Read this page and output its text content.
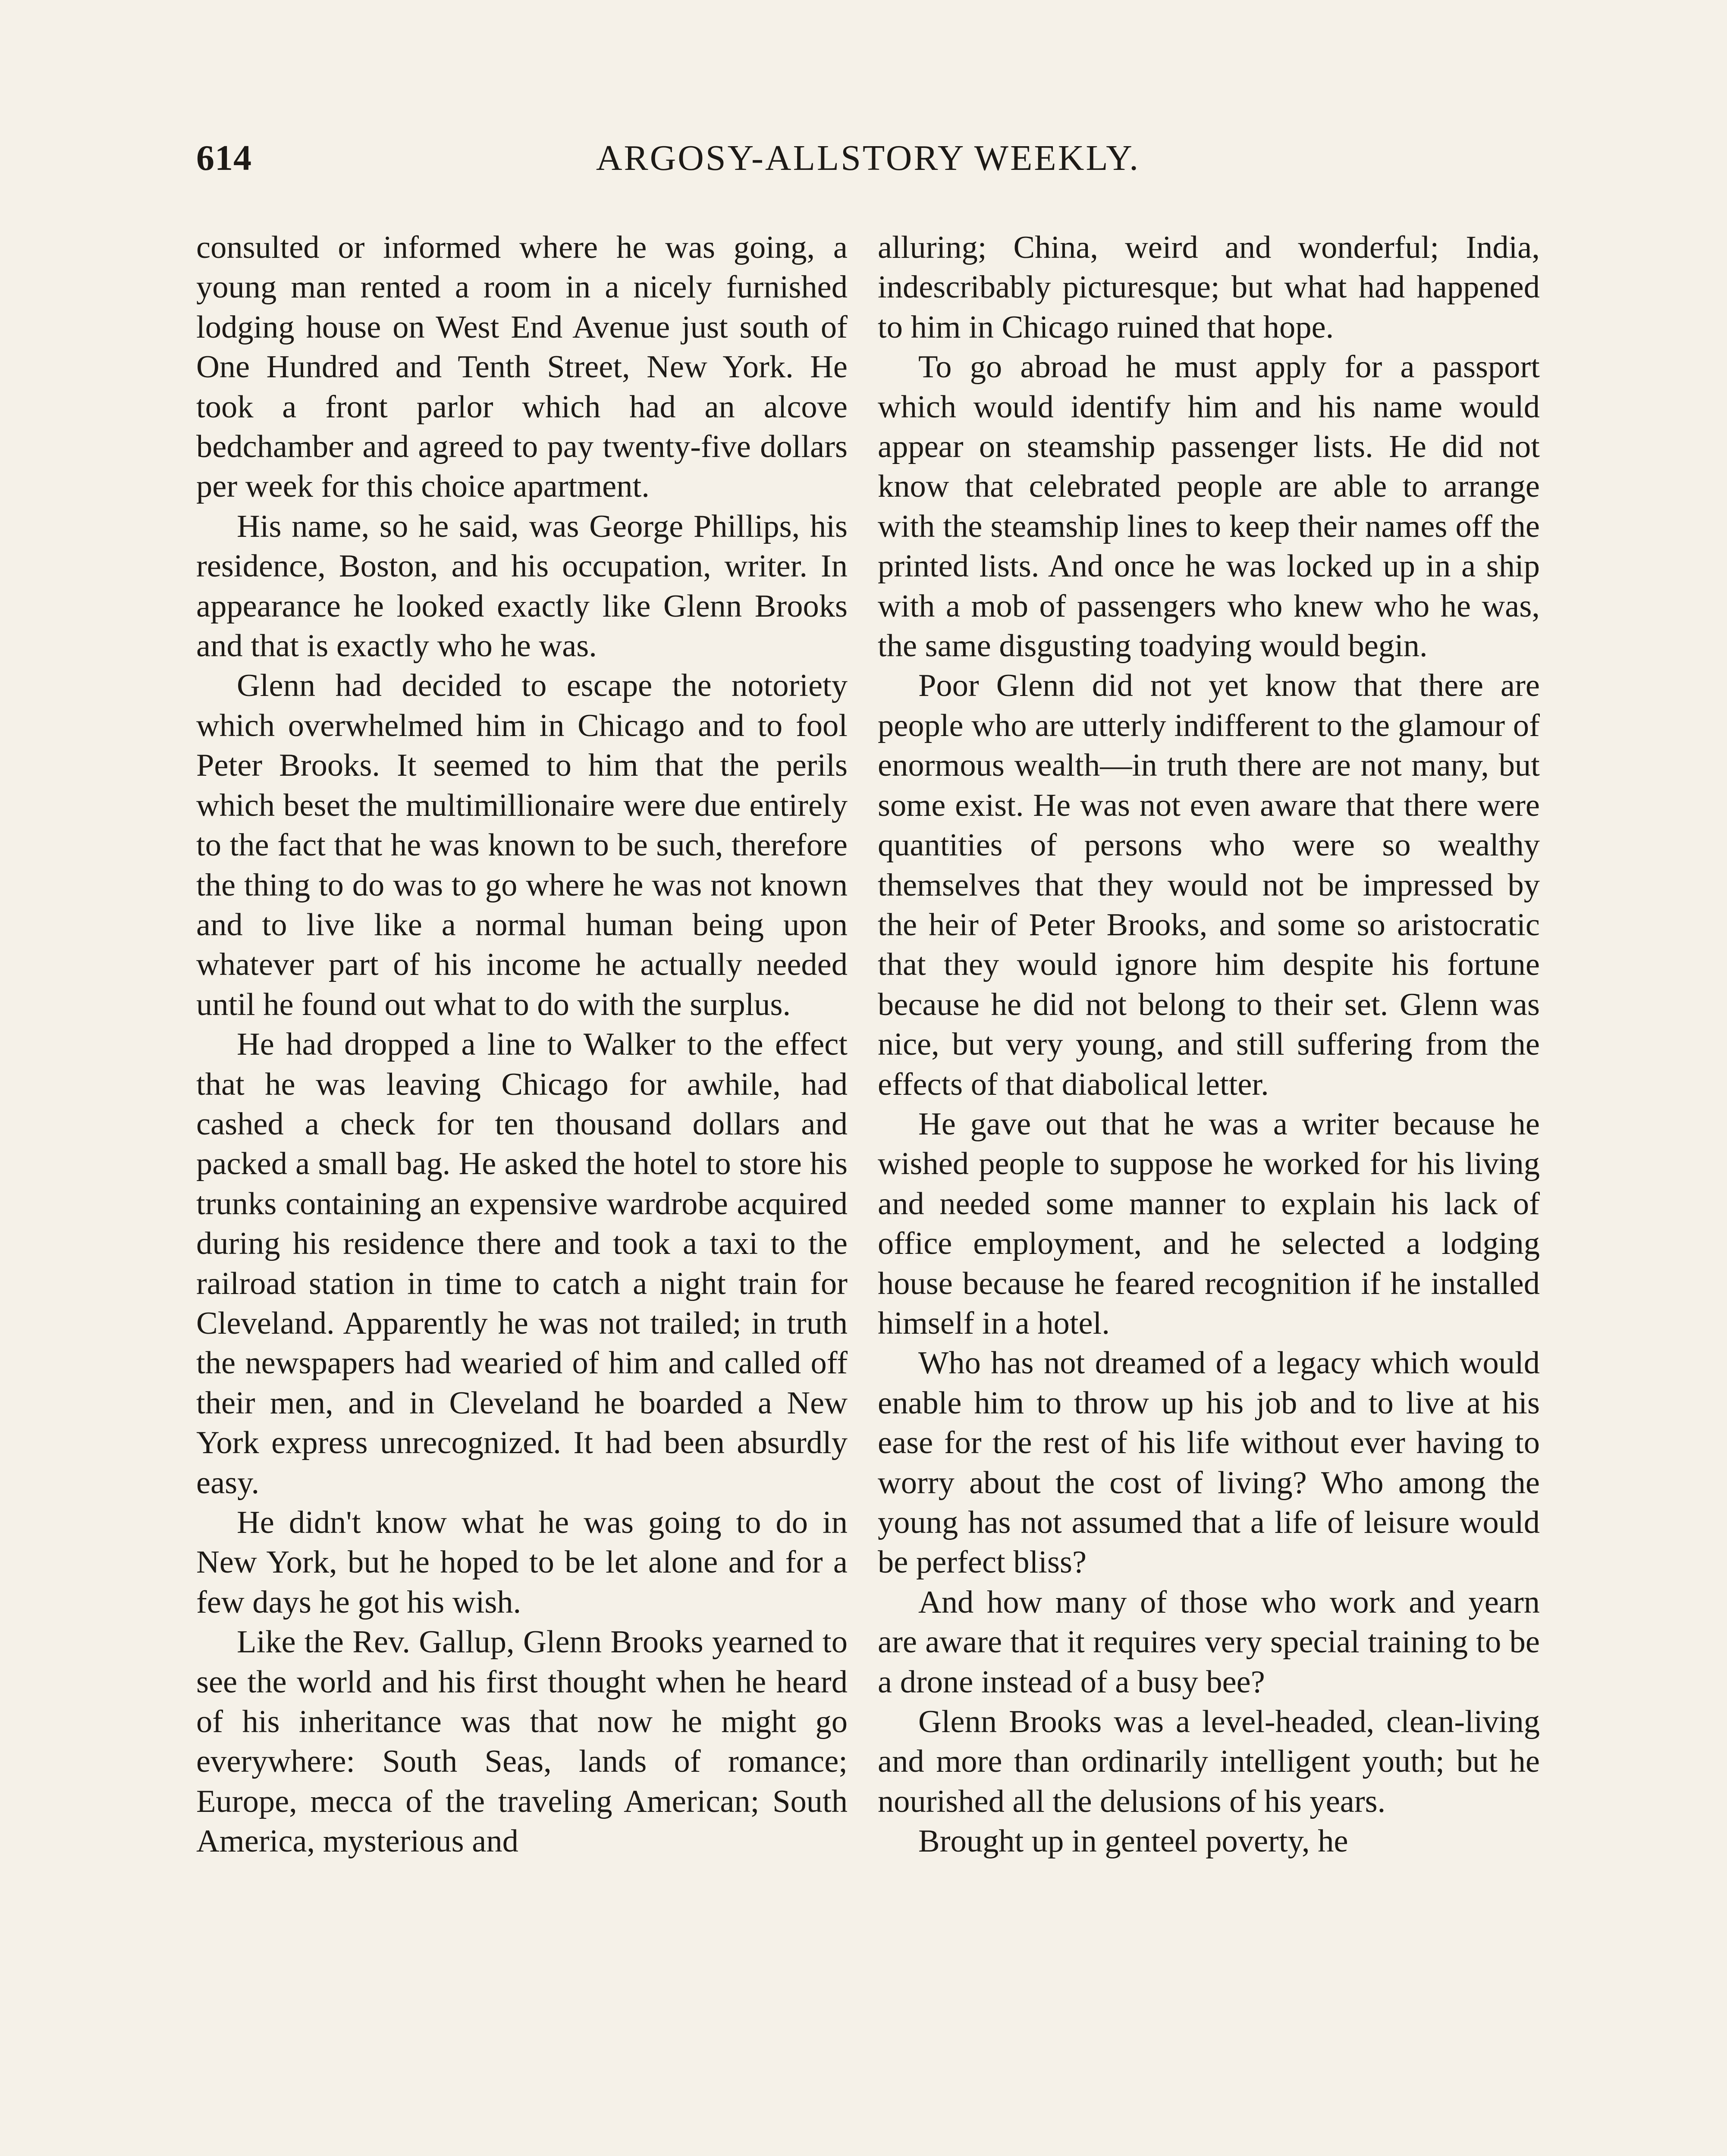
614	ARGOSY-ALLSTORY WEEKLY.

consulted or informed where he was going, a young man rented a room in a nicely furnished lodging house on West End Avenue just south of One Hundred and Tenth Street, New York. He took a front parlor which had an alcove bedchamber and agreed to pay twenty-five dollars per week for this choice apartment.

His name, so he said, was George Phillips, his residence, Boston, and his occupation, writer. In appearance he looked exactly like Glenn Brooks and that is exactly who he was.

Glenn had decided to escape the notoriety which overwhelmed him in Chicago and to fool Peter Brooks. It seemed to him that the perils which beset the multimillionaire were due entirely to the fact that he was known to be such, therefore the thing to do was to go where he was not known and to live like a normal human being upon whatever part of his income he actually needed until he found out what to do with the surplus.

He had dropped a line to Walker to the effect that he was leaving Chicago for awhile, had cashed a check for ten thousand dollars and packed a small bag. He asked the hotel to store his trunks containing an expensive wardrobe acquired during his residence there and took a taxi to the railroad station in time to catch a night train for Cleveland. Apparently he was not trailed; in truth the newspapers had wearied of him and called off their men, and in Cleveland he boarded a New York express unrecognized. It had been absurdly easy.

He didn't know what he was going to do in New York, but he hoped to be let alone and for a few days he got his wish.

Like the Rev. Gallup, Glenn Brooks yearned to see the world and his first thought when he heard of his inheritance was that now he might go everywhere: South Seas, lands of romance; Europe, mecca of the traveling American; South America, mysterious and

alluring; China, weird and wonderful; India, indescribably picturesque; but what had happened to him in Chicago ruined that hope.

To go abroad he must apply for a passport which would identify him and his name would appear on steamship passenger lists. He did not know that celebrated people are able to arrange with the steamship lines to keep their names off the printed lists. And once he was locked up in a ship with a mob of passengers who knew who he was, the same disgusting toadying would begin.

Poor Glenn did not yet know that there are people who are utterly indifferent to the glamour of enormous wealth—in truth there are not many, but some exist. He was not even aware that there were quantities of persons who were so wealthy themselves that they would not be impressed by the heir of Peter Brooks, and some so aristocratic that they would ignore him despite his fortune because he did not belong to their set. Glenn was nice, but very young, and still suffering from the effects of that diabolical letter.

He gave out that he was a writer because he wished people to suppose he worked for his living and needed some manner to explain his lack of office employment, and he selected a lodging house because he feared recognition if he installed himself in a hotel.

Who has not dreamed of a legacy which would enable him to throw up his job and to live at his ease for the rest of his life without ever having to worry about the cost of living? Who among the young has not assumed that a life of leisure would be perfect bliss?

And how many of those who work and yearn are aware that it requires very special training to be a drone instead of a busy bee?

Glenn Brooks was a level-headed, clean-living and more than ordinarily intelligent youth; but he nourished all the delusions of his years.

Brought up in genteel poverty, he
